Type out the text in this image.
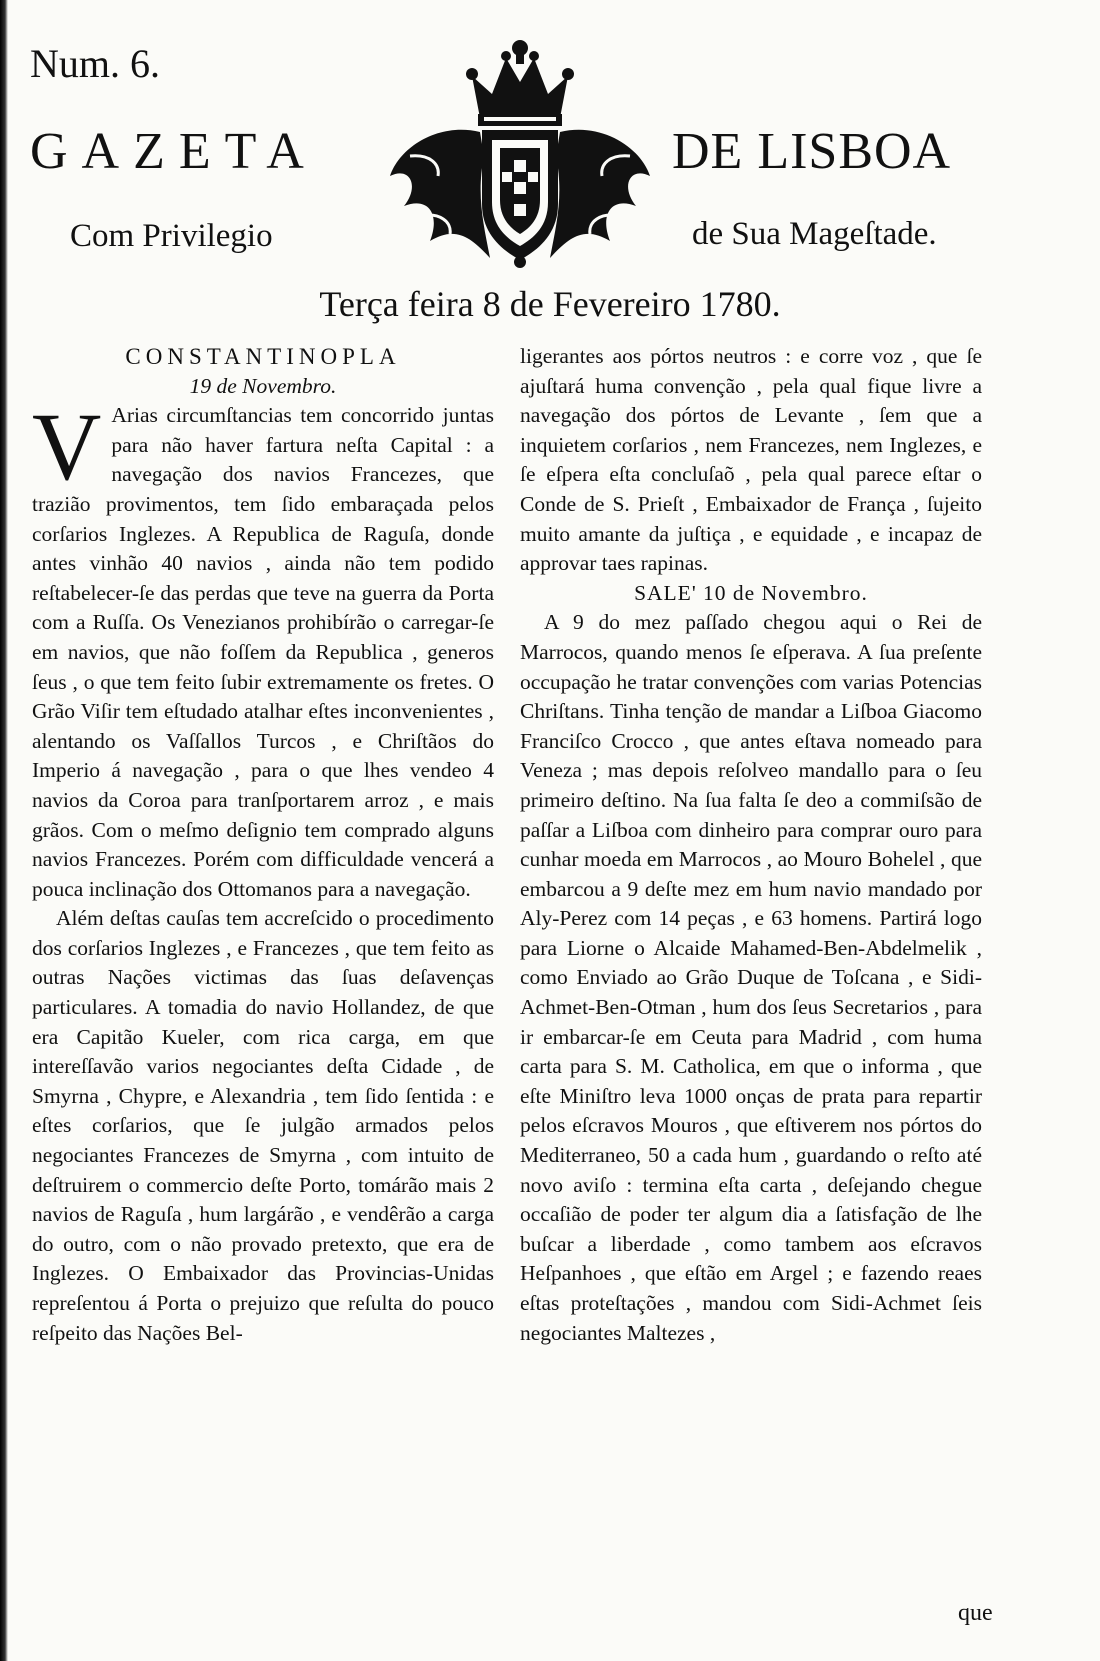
Num. 6.
GAZETA	DE LISBOA
Com Privilegio	de Sua Mageſtade.
Terça feira 8 de Fevereiro 1780.

CONSTANTINOPLA

19 de Novembro.

V Arias circumſtancias tem concorrido juntas para não haver fartura neſta Capital : a navegação dos navios Francezes, que trazião provimentos, tem ſido embaraçada pelos corſarios Inglezes. A Republica de Raguſa, donde antes vinhão 40 navios , ainda não tem podido reſtabelecer-ſe das perdas que teve na guerra da Porta com a Ruſſa. Os Venezianos prohibírão o carregar-ſe em navios, que não foſſem da Republica , generos ſeus , o que tem feito ſubir extremamente os fretes. O Grão Viſir tem eſtudado atalhar eſtes inconvenientes , alentando os Vaſſallos Turcos , e Chriſtãos do Imperio á navegação , para o que lhes vendeo 4 navios da Coroa para tranſportarem arroz , e mais grãos. Com o meſmo deſignio tem comprado alguns navios Francezes. Porém com difficuldade vencerá a pouca inclinação dos Ottomanos para a navegação.

Além deſtas cauſas tem accreſcido o procedimento dos corſarios Inglezes , e Francezes , que tem feito as outras Nações victimas das ſuas deſavenças particulares. A tomadia do navio Hollandez, de que era Capitão Kueler, com rica carga, em que intereſſavão varios negociantes deſta Cidade , de Smyrna , Chypre, e Alexandria , tem ſido ſentida : e eſtes corſarios, que ſe julgão armados pelos negociantes Francezes de Smyrna , com intuito de deſtruirem o commercio deſte Porto, tomárão mais 2 navios de Raguſa , hum largárão , e vendêrão a carga do outro, com o não provado pretexto, que era de Inglezes. O Embaixador das Provincias-Unidas repreſentou á Porta o prejuizo que reſulta do pouco reſpeito das Nações Bel-

ligerantes aos pórtos neutros : e corre voz , que ſe ajuſtará huma convenção , pela qual fique livre a navegação dos pórtos de Levante , ſem que a inquietem corſarios , nem Francezes, nem Inglezes, e ſe eſpera eſta concluſaõ , pela qual parece eſtar o Conde de S. Prieſt , Embaixador de França , ſujeito muito amante da juſtiça , e equidade , e incapaz de approvar taes rapinas.

SALE' 10 de Novembro.

A 9 do mez paſſado chegou aqui o Rei de Marrocos, quando menos ſe eſperava. A ſua preſente occupação he tratar convenções com varias Potencias Chriſtans. Tinha tenção de mandar a Liſboa Giacomo Franciſco Crocco , que antes eſtava nomeado para Veneza ; mas depois reſolveo mandallo para o ſeu primeiro deſtino. Na ſua falta ſe deo a commiſsão de paſſar a Liſboa com dinheiro para comprar ouro para cunhar moeda em Marrocos , ao Mouro Bohelel , que embarcou a 9 deſte mez em hum navio mandado por Aly-Perez com 14 peças , e 63 homens. Partirá logo para Liorne o Alcaide Mahamed-Ben-Abdelmelik , como Enviado ao Grão Duque de Toſcana , e Sidi-Achmet-Ben-Otman , hum dos ſeus Secretarios , para ir embarcar-ſe em Ceuta para Madrid , com huma carta para S. M. Catholica, em que o informa , que eſte Miniſtro leva 1000 onças de prata para repartir pelos eſcravos Mouros , que eſtiverem nos pórtos do Mediterraneo, 50 a cada hum , guardando o reſto até novo aviſo : termina eſta carta , deſejando chegue occaſião de poder ter algum dia a ſatisfação de lhe buſcar a liberdade , como tambem aos eſcravos Heſpanhoes , que eſtão em Argel ; e fazendo reaes eſtas proteſtações , mandou com Sidi-Achmet ſeis negociantes Maltezes ,

que
